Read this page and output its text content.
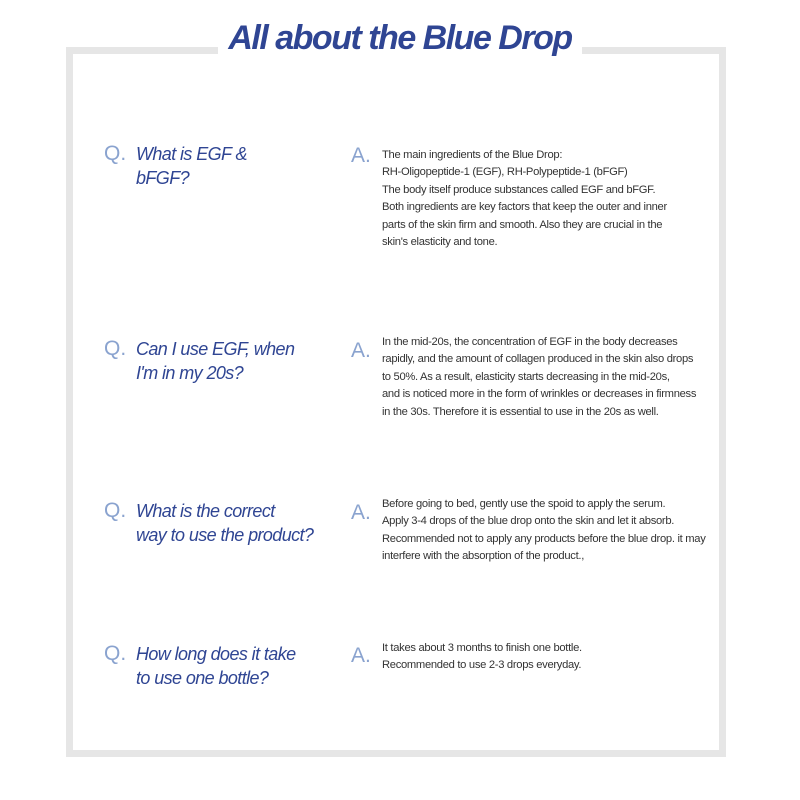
All about the Blue Drop
Q. What is EGF &
bFGF?
A. The main ingredients of the Blue Drop:
RH-Oligopeptide-1 (EGF), RH-Polypeptide-1 (bFGF)
The body itself produce substances called EGF and bFGF.
Both ingredients are key factors that keep the outer and inner
parts of the skin firm and smooth. Also they are crucial in the
skin's elasticity and tone.
Q. Can I use EGF, when
I'm in my 20s?
A. In the mid-20s, the concentration of EGF in the body decreases
rapidly, and the amount of collagen produced in the skin also drops
to 50%. As a result, elasticity starts decreasing in the mid-20s,
and is noticed more in the form of wrinkles or decreases in firmness
in the 30s. Therefore it is essential to use in the 20s as well.
Q. What is the correct
way to use the product?
A. Before going to bed, gently use the spoid to apply the serum.
Apply 3-4 drops of the blue drop onto the skin and let it absorb.
Recommended not to apply any products before the blue drop. it may
interfere with the absorption of the product.,
Q. How long does it take
to use one bottle?
A. It takes about 3 months to finish one bottle.
Recommended to use 2-3 drops everyday.
